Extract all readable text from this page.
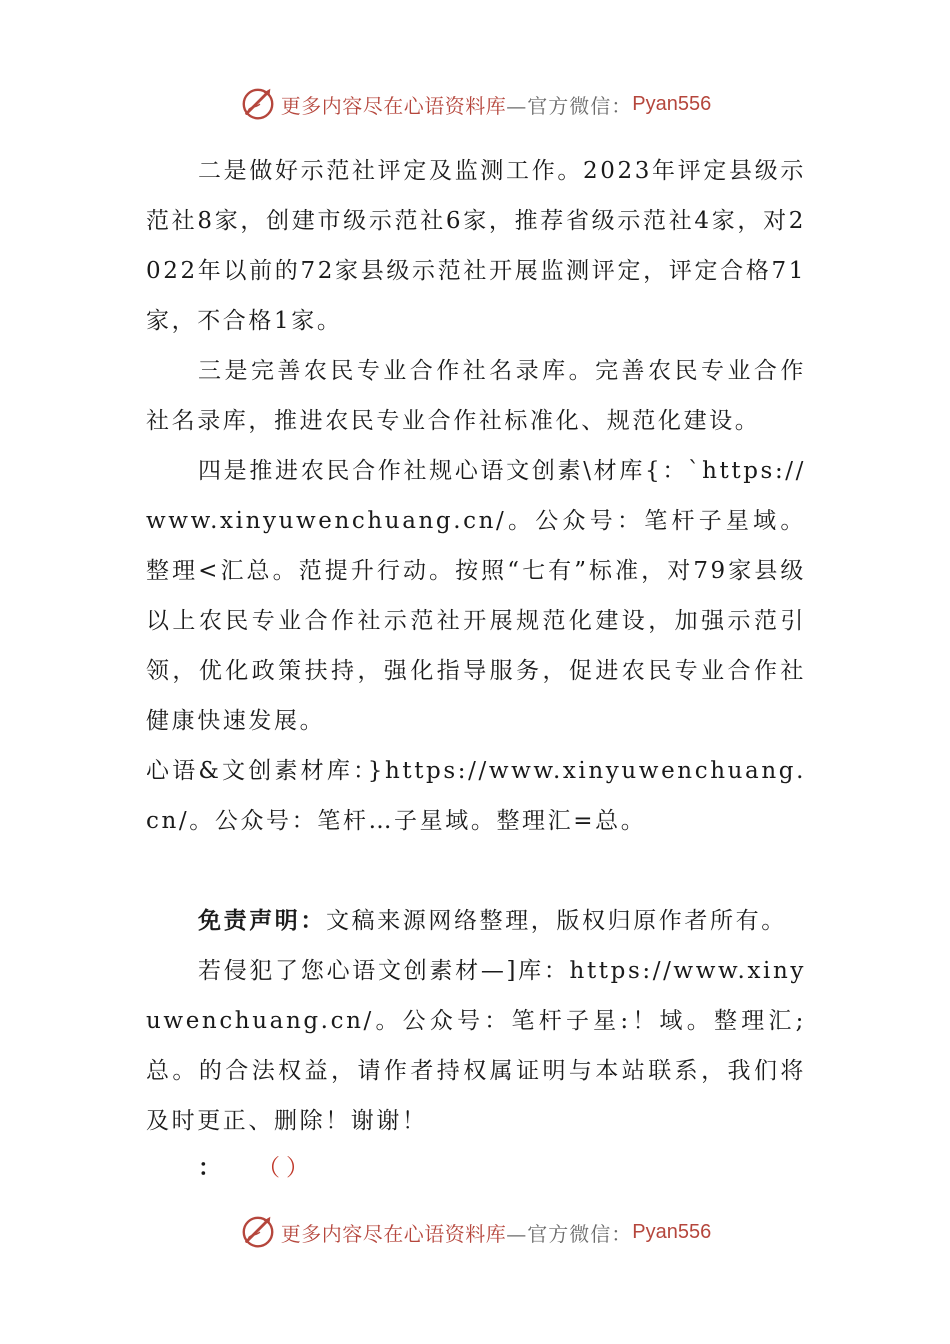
更多内容尽在心语资料库 —官方微信： Pyan556

二是做好示范社评定及监测工作。2023年评定县级示范社8家，创建市级示范社6家，推荐省级示范社4家，对2022年以前的72家县级示范社开展监测评定，评定合格71家，不合格1家。

三是完善农民专业合作社名录库。完善农民专业合作社名录库，推进农民专业合作社标准化、规范化建设。

四是推进农民合作社规心语文创素\材库{：`https://www.xinyuwenchuang.cn/。公众号：笔杆子星域。整理<汇总。范提升行动。按照“七有”标准，对79家县级以上农民专业合作社示范社开展规范化建设，加强示范引领，优化政策扶持，强化指导服务，促进农民专业合作社健康快速发展。

心语&文创素材库：}https://www.xinyuwenchuang.cn/。公众号：笔杆…子星域。整理汇=总。

免责声明：文稿来源网络整理，版权归原作者所有。

若侵犯了您心语文创素材—]库：https://www.xinyuwenchuang.cn/。公众号：笔杆子星:！域。整理汇;总。的合法权益，请作者持权属证明与本站联系，我们将及时更正、删除！谢谢！

： （）
更多内容尽在心语资料库 —官方微信： Pyan556
